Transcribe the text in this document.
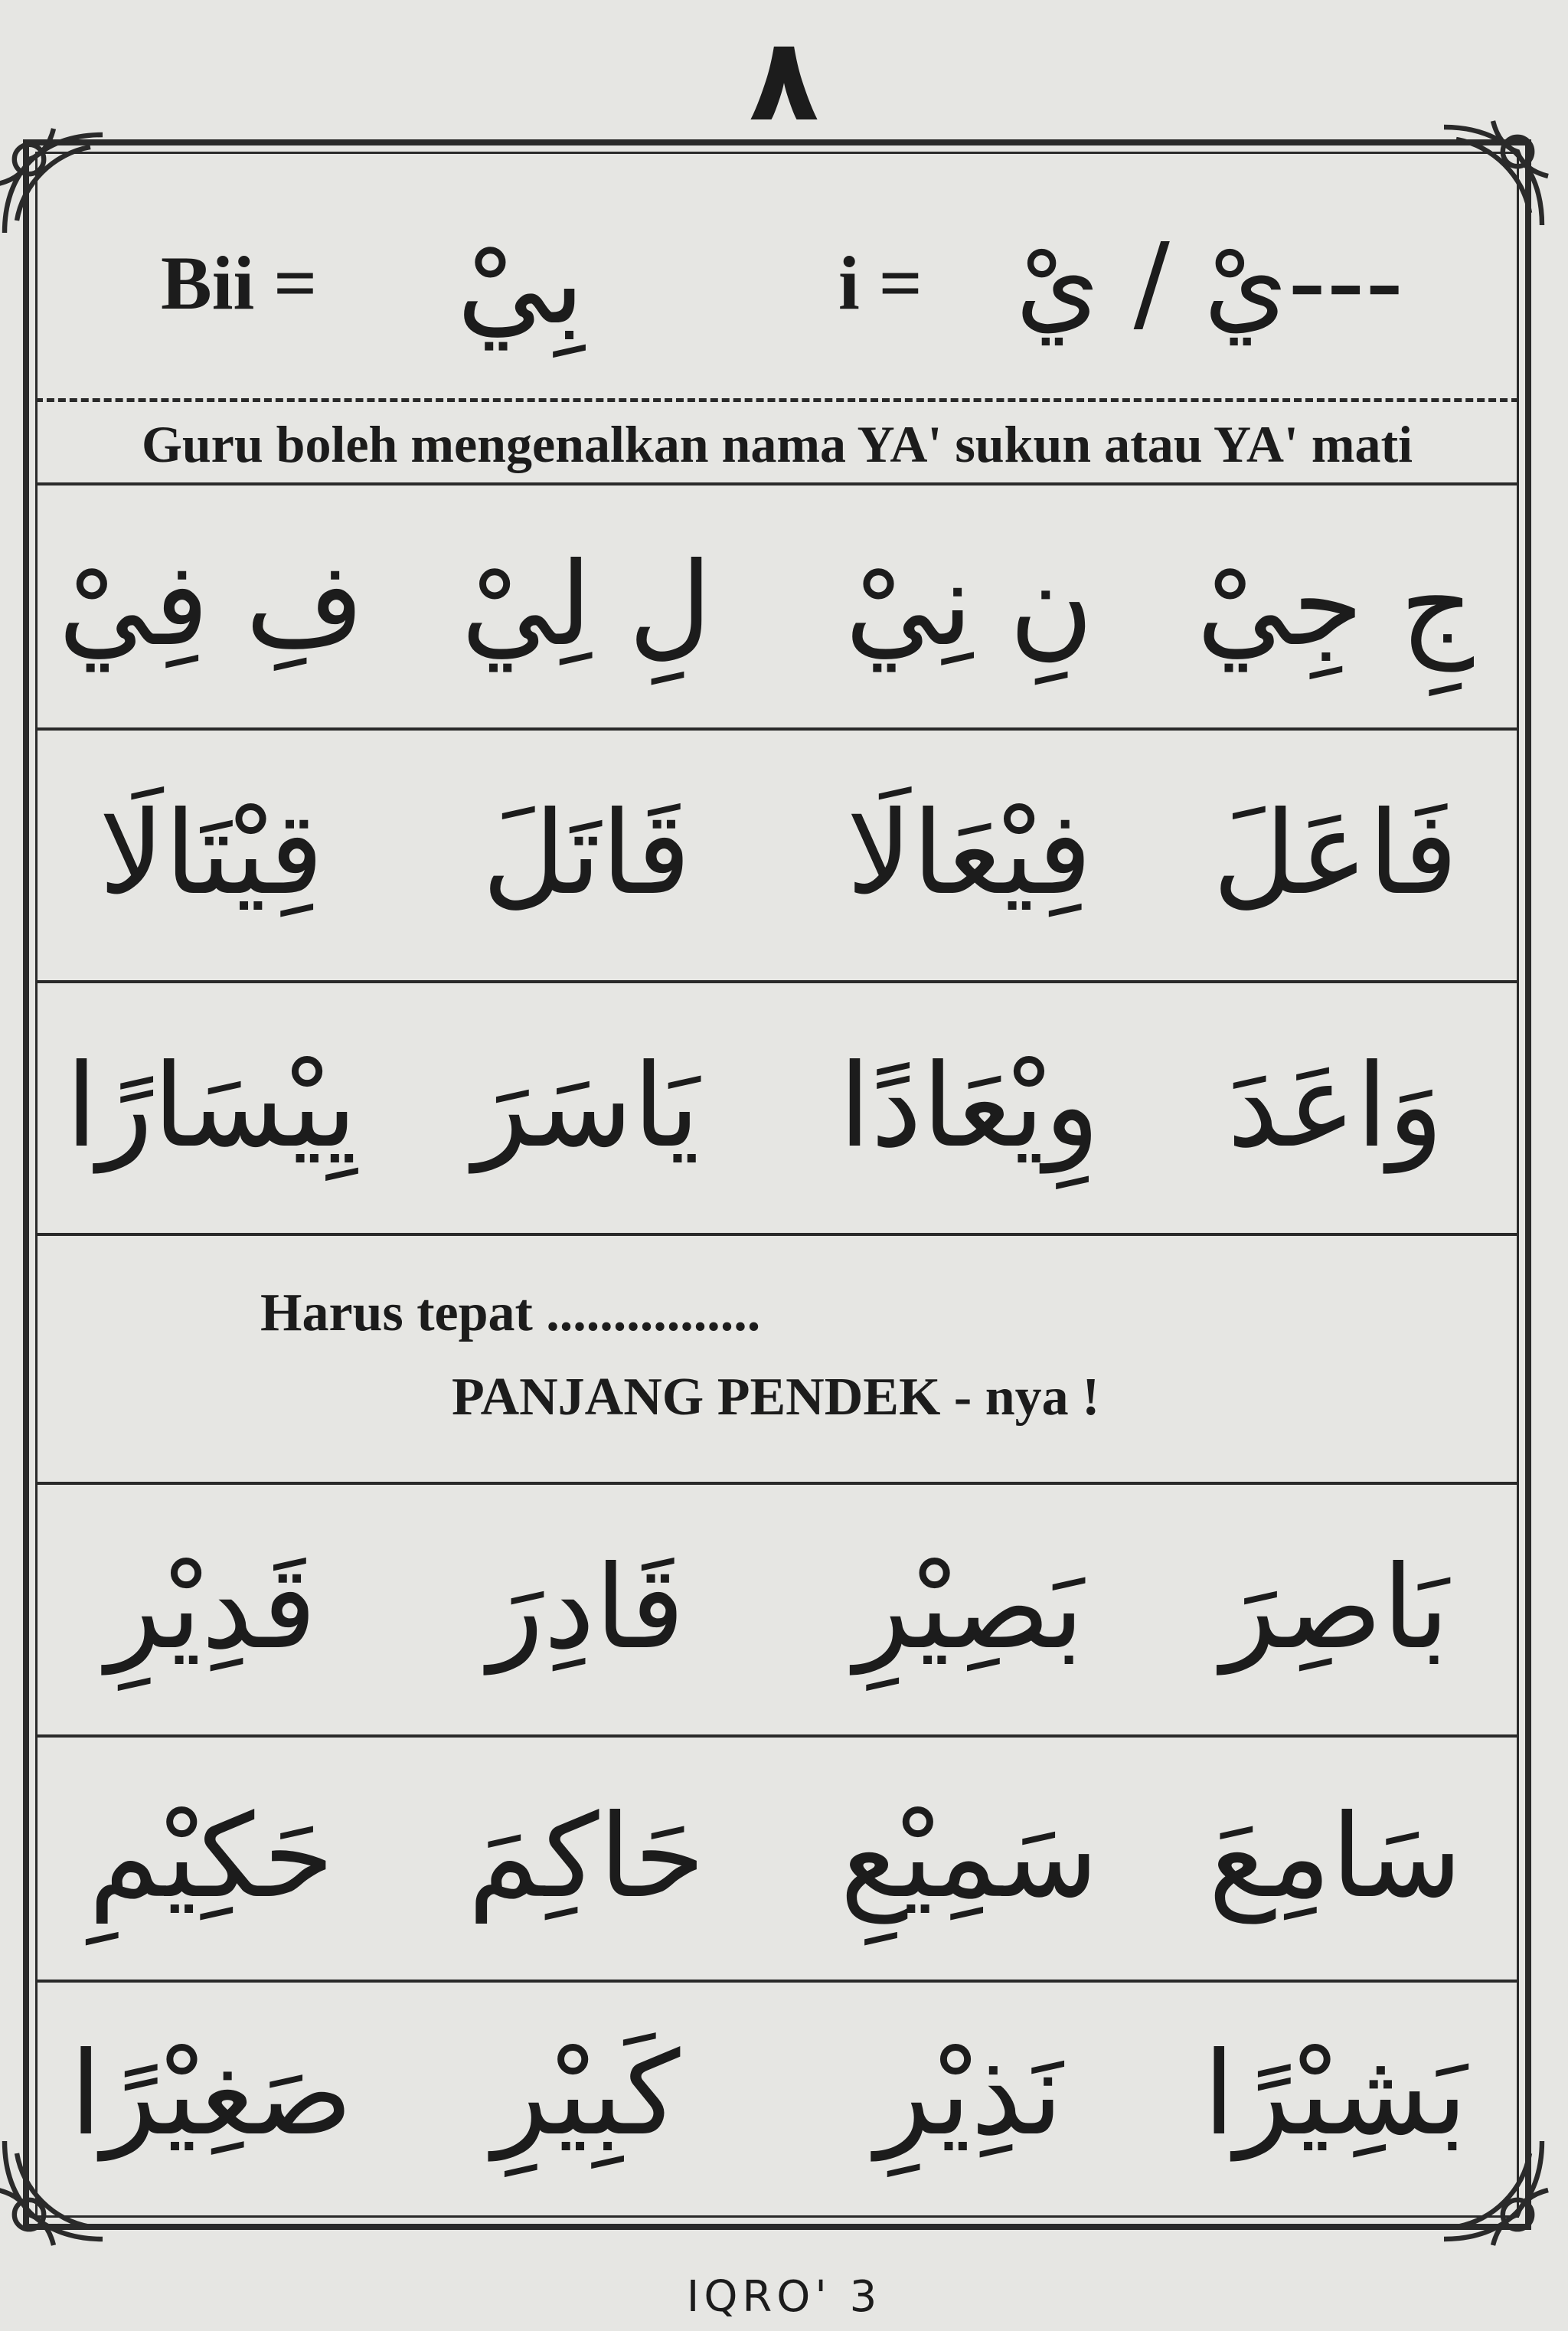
٨
Bii =	بِيْ	i = ---يْ / يْ
Guru boleh mengenalkan nama YA' sukun atau YA' mati
جِ جِيْ
نِ نِيْ
لِ لِيْ
فِ فِيْ
فَاعَلَ
فِيْعَالَا
قَاتَلَ
قِيْتَالَا
وَاعَدَ
وِيْعَادًا
يَاسَرَ
يِيْسَارًا
Harus tepat ................
PANJANG PENDEK - nya !
بَاصِرَ
بَصِيْرِ
قَادِرَ
قَدِيْرِ
سَامِعَ
سَمِيْعِ
حَاكِمَ
حَكِيْمِ
بَشِيْرًا
نَذِيْرِ
كَبِيْرِ
صَغِيْرًا
IQRO' 3
